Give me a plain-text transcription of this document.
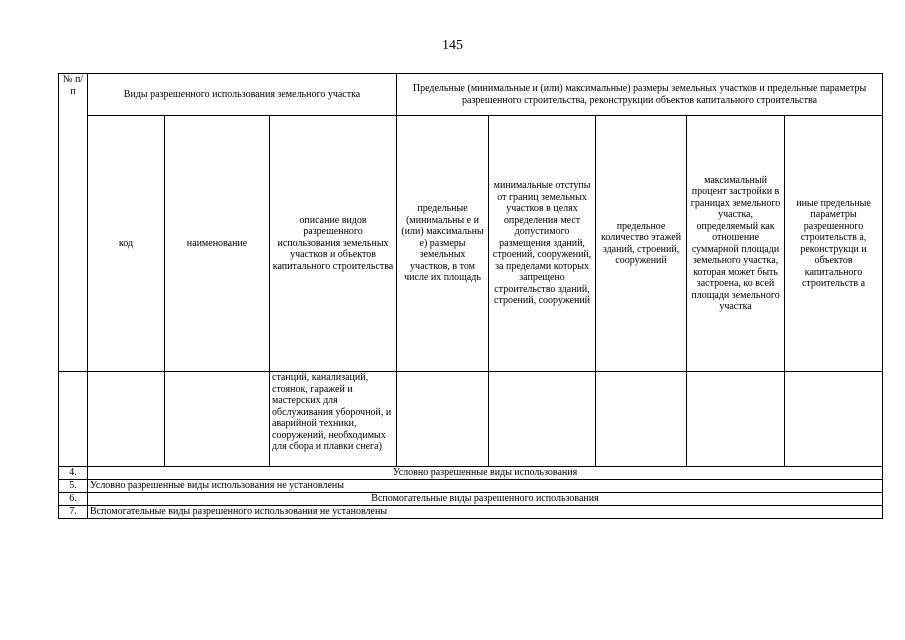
145
№ п/п	Виды разрешенного использования земельного участка			Предельные (минимальные и (или) максимальные) размеры земельных участков и предельные параметры разрешенного строительства, реконструкции объектов капитального строительства				
	код	наименование	описание видов разрешенного использования земельных участков и объектов капитального строительства	предельные (минимальны е и (или) максимальны е) размеры земельных участков, в том числе их площадь	минимальные отступы от границ земельных участков в целях определения мест допустимого размещения зданий, строений, сооружений, за пределами которых запрещено строительство зданий, строений, сооружений	предельное количество этажей зданий, строений, сооружений	максимальный процент застройки в границах земельного участка, определяемый как отношение суммарной площади земельного участка, которая может быть застроена, ко всей площади земельного участка	иные предельные параметры разрешенного строительств а, реконструкци и объектов капитального строительств а
			станций, канализаций, стоянок, гаражей и мастерских для обслуживания уборочной, и аварийной техники, сооружений, необходимых для сбора и плавки снега)					
4.	Условно разрешенные виды использования							
5.	Условно разрешенные виды использования не установлены							
6.	Вспомогательные виды разрешенного использования							
7.	Вспомогательные виды разрешенного использования не установлены							
